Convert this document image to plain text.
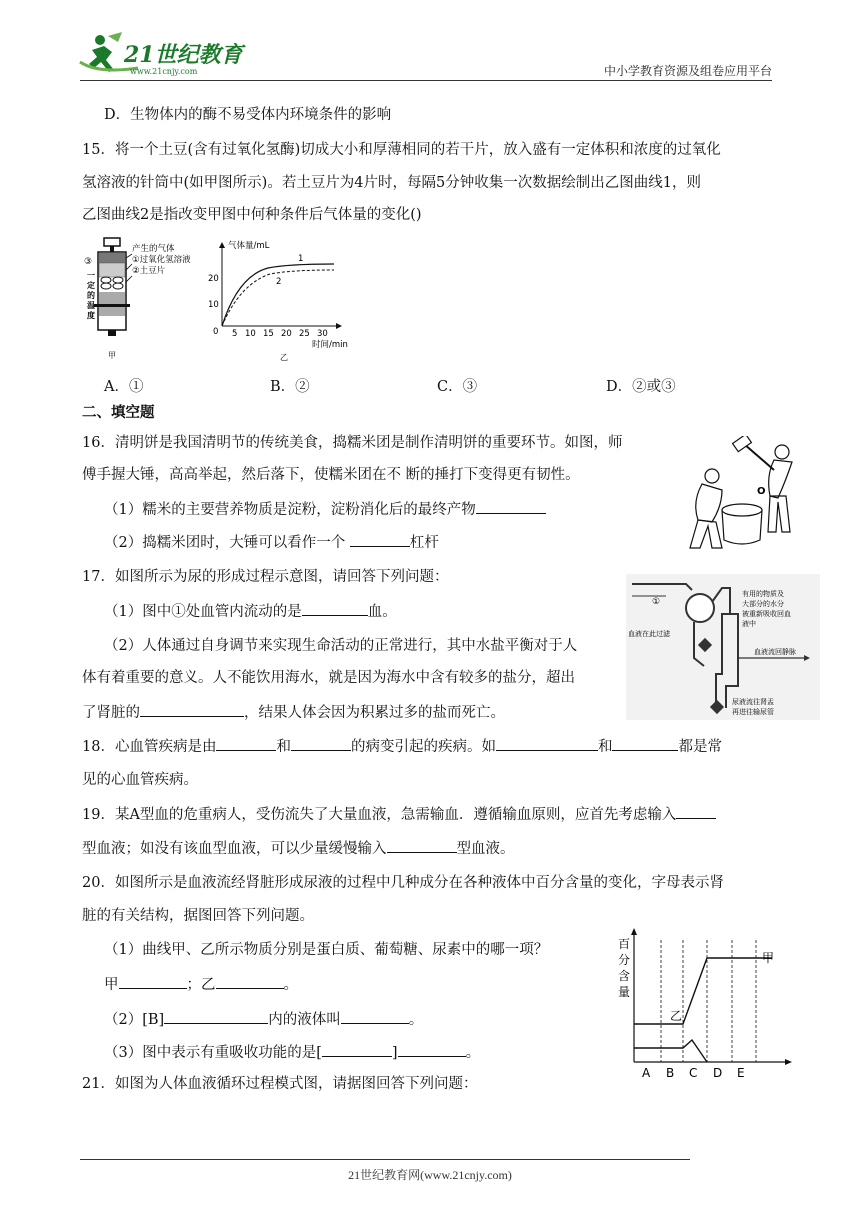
21世纪教育
www.21cnjy.com	中小学教育资源及组卷应用平台
D．生物体内的酶不易受体内环境条件的影响
15．将一个土豆(含有过氧化氢酶)切成大小和厚薄相同的若干片，放入盛有一定体积和浓度的过氧化
氢溶液的针筒中(如甲图所示)。若土豆片为4片时，每隔5分钟收集一次数据绘制出乙图曲线1，则
乙图曲线2是指改变甲图中何种条件后气体量的变化()
产生的气体
①过氧化氢溶液
②土豆片
③
一
定
的
温
度
甲
气体量/mL
20
10
0 5 10 15 20 25 30
时间/min
1
2
乙
A．①	B．②	C．③	D．②或③
二、填空题
16．清明饼是我国清明节的传统美食，捣糯米团是制作清明饼的重要环节。如图，师
傅手握大锤，高高举起，然后落下，使糯米团在不 断的捶打下变得更有韧性。
（1）糯米的主要营养物质是淀粉，淀粉消化后的最终产物
（2）捣糯米团时，大锤可以看作一个	杠杆
O
17．如图所示为尿的形成过程示意图，请回答下列问题：
（1）图中①处血管内流动的是	血。
（2）人体通过自身调节来实现生命活动的正常进行，其中水盐平衡对于人
体有着重要的意义。人不能饮用海水，就是因为海水中含有较多的盐分，超出
了肾脏的	，结果人体会因为积累过多的盐而死亡。
①
血液在此过滤
有用的物质及
大部分的水分
被重新吸收回血
液中
血液流回静脉
尿液流往肾盂
再进往输尿管
18．心血管疾病是由	和	的病变引起的疾病。如	和	都是常
见的心血管疾病。
19．某A型血的危重病人，受伤流失了大量血液，急需输血．遵循输血原则，应首先考虑输入
型血液；如没有该血型血液，可以少量缓慢输入	型血液。
20．如图所示是血液流经肾脏形成尿液的过程中几种成分在各种液体中百分含量的变化，字母表示肾
脏的有关结构，据图回答下列问题。
（1）曲线甲、乙所示物质分别是蛋白质、葡萄糖、尿素中的哪一项？
甲	；乙	。
（2）[B]	内的液体叫	。
（3）图中表示有重吸收功能的是[	]	。
百
分
含
量
甲
乙
A B C D E
21．如图为人体血液循环过程模式图，请据图回答下列问题：
21世纪教育网(www.21cnjy.com)
